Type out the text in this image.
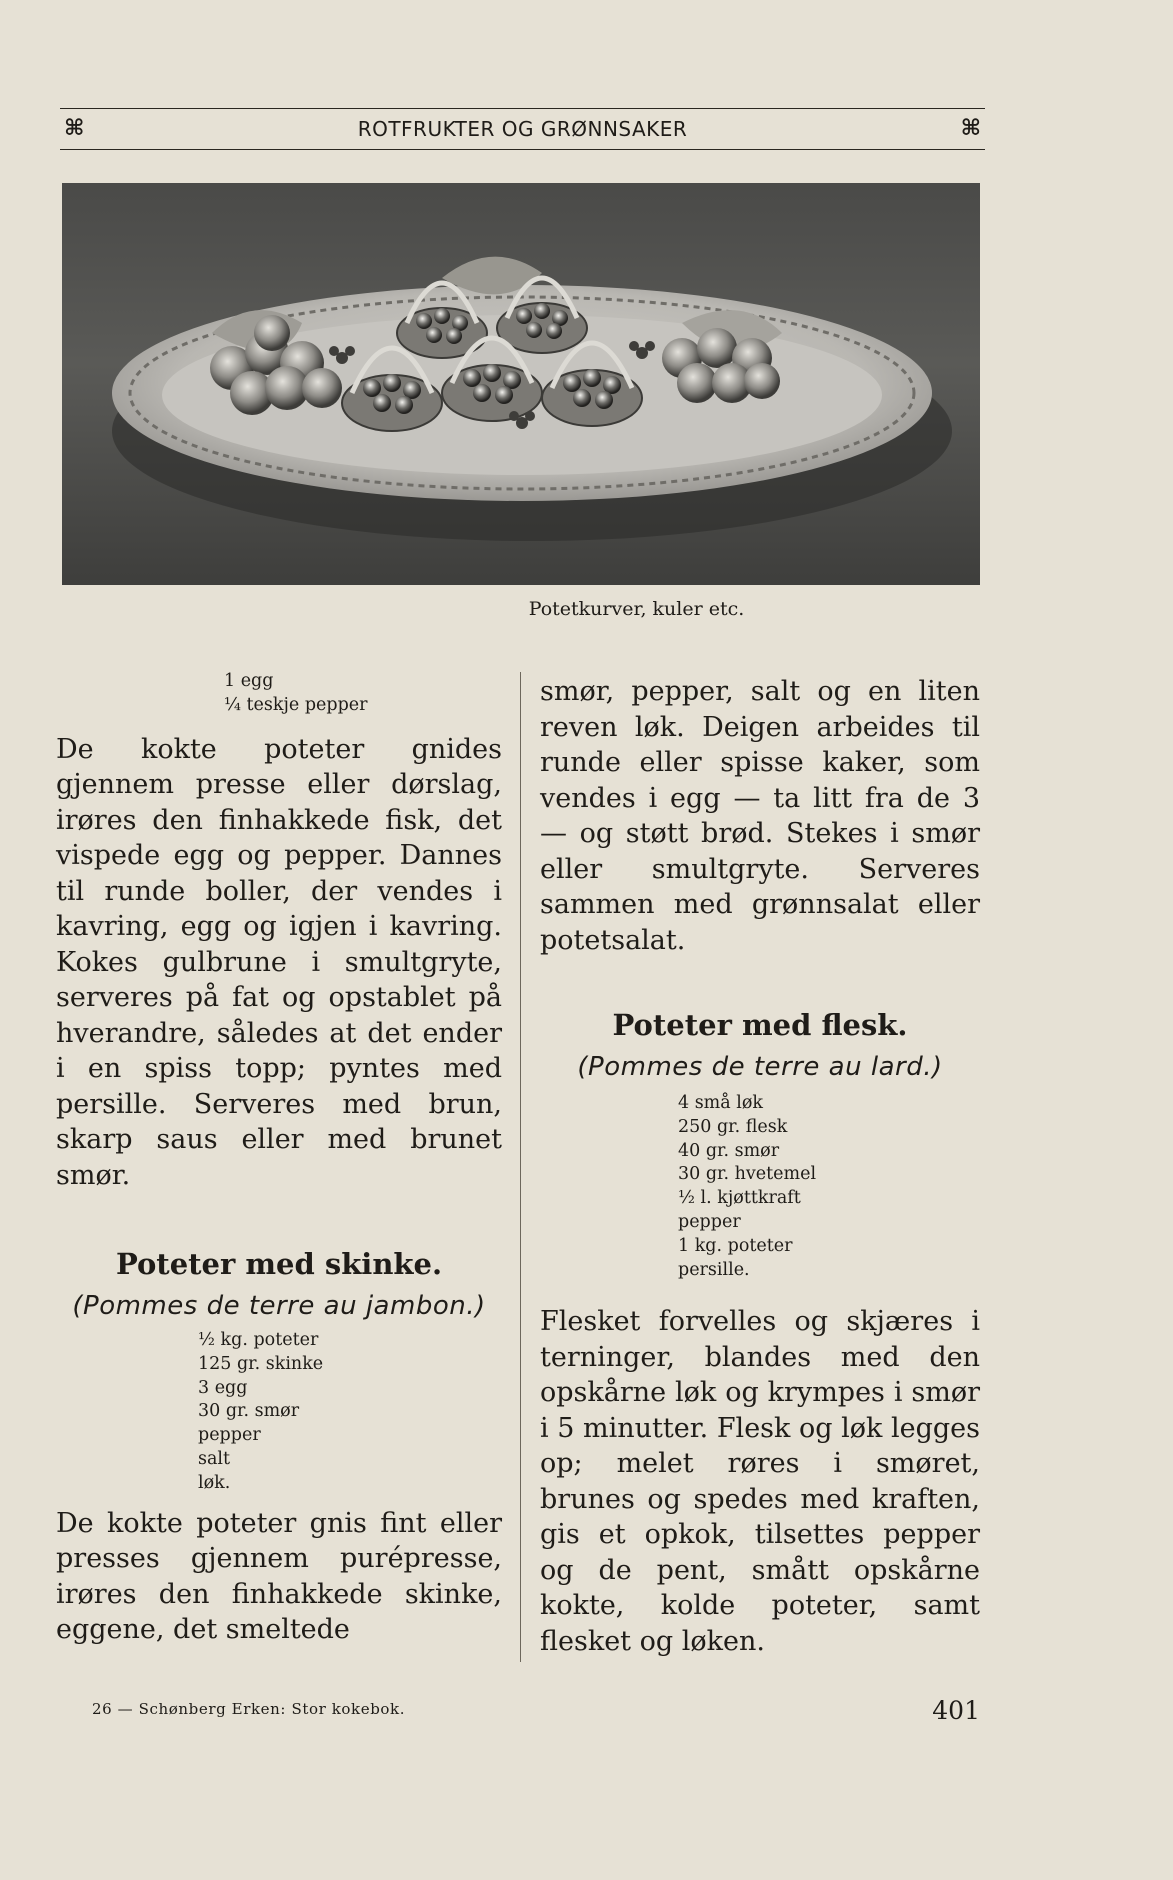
⌘	ROTFRUKTER OG GRØNNSAKER	⌘
Potetkurver, kuler etc.
1 egg
¼ teskje pepper

De kokte poteter gnides gjennem presse eller dørslag, irøres den finhakkede fisk, det vispede egg og pepper. Dannes til runde boller, der vendes i kavring, egg og igjen i kavring. Kokes gulbrune i smultgryte, serveres på fat og opstablet på hverandre, således at det ender i en spiss topp; pyntes med persille. Serveres med brun, skarp saus eller med brunet smør.

Poteter med skinke.
(Pommes de terre au jambon.)
½ kg. poteter
125 gr. skinke
3 egg
30 gr. smør
pepper
salt
løk.

De kokte poteter gnis fint eller presses gjennem purépresse, irøres den finhakkede skinke, eggene, det smeltede

smør, pepper, salt og en liten reven løk. Deigen arbeides til runde eller spisse kaker, som vendes i egg — ta litt fra de 3 — og støtt brød. Stekes i smør eller smultgryte. Serveres sammen med grønnsalat eller potetsalat.

Poteter med flesk.
(Pommes de terre au lard.)
4 små løk
250 gr. flesk
40 gr. smør
30 gr. hvetemel
½ l. kjøttkraft
pepper
1 kg. poteter
persille.

Flesket forvelles og skjæres i terninger, blandes med den opskårne løk og krympes i smør i 5 minutter. Flesk og løk legges op; melet røres i smøret, brunes og spedes med kraften, gis et opkok, tilsettes pepper og de pent, smått opskårne kokte, kolde poteter, samt flesket og løken.

26 — Schønberg Erken: Stor kokebok.	401
